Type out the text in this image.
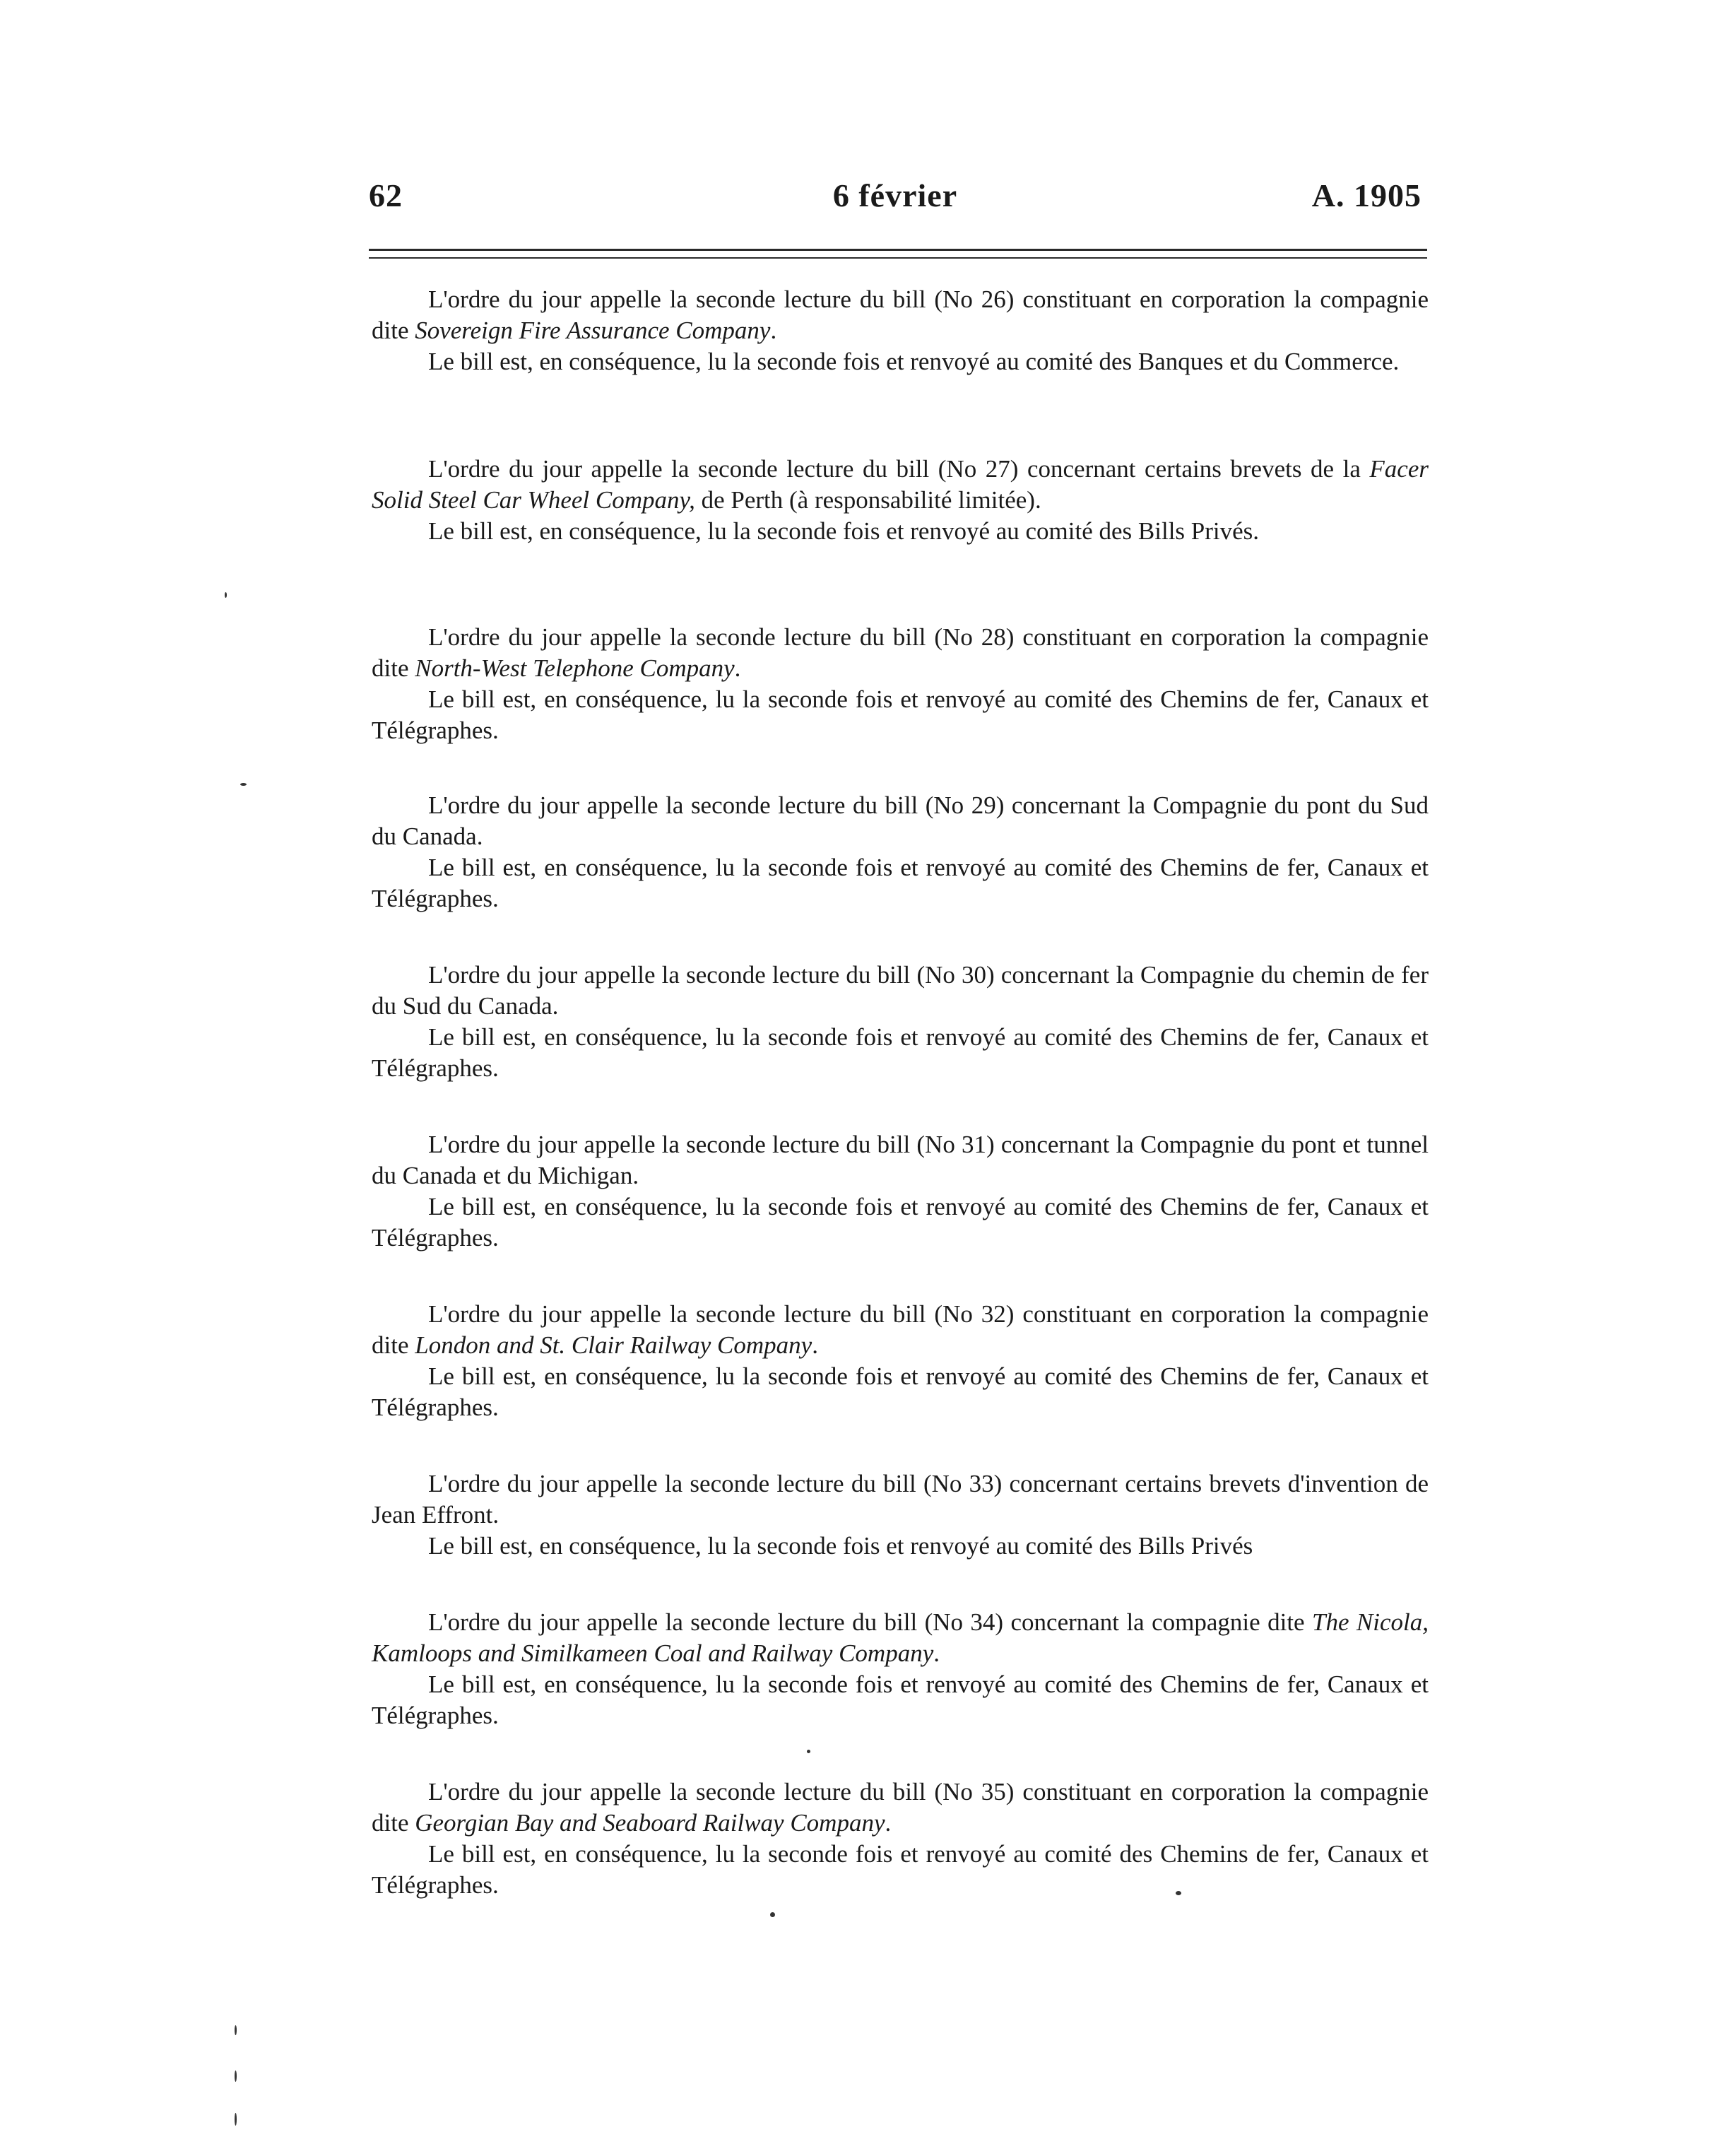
62	6 février	A. 1905

L'ordre du jour appelle la seconde lecture du bill (No 26) constituant en corporation la compagnie dite Sovereign Fire Assurance Company.

Le bill est, en conséquence, lu la seconde fois et renvoyé au comité des Banques et du Commerce.

L'ordre du jour appelle la seconde lecture du bill (No 27) concernant certains brevets de la Facer Solid Steel Car Wheel Company, de Perth (à responsabilité limitée).

Le bill est, en conséquence, lu la seconde fois et renvoyé au comité des Bills Privés.

L'ordre du jour appelle la seconde lecture du bill (No 28) constituant en corporation la compagnie dite North-West Telephone Company.

Le bill est, en conséquence, lu la seconde fois et renvoyé au comité des Chemins de fer, Canaux et Télégraphes.

L'ordre du jour appelle la seconde lecture du bill (No 29) concernant la Compagnie du pont du Sud du Canada.

Le bill est, en conséquence, lu la seconde fois et renvoyé au comité des Chemins de fer, Canaux et Télégraphes.

L'ordre du jour appelle la seconde lecture du bill (No 30) concernant la Compagnie du chemin de fer du Sud du Canada.

Le bill est, en conséquence, lu la seconde fois et renvoyé au comité des Chemins de fer, Canaux et Télégraphes.

L'ordre du jour appelle la seconde lecture du bill (No 31) concernant la Compagnie du pont et tunnel du Canada et du Michigan.

Le bill est, en conséquence, lu la seconde fois et renvoyé au comité des Chemins de fer, Canaux et Télégraphes.

L'ordre du jour appelle la seconde lecture du bill (No 32) constituant en corporation la compagnie dite London and St. Clair Railway Company.

Le bill est, en conséquence, lu la seconde fois et renvoyé au comité des Chemins de fer, Canaux et Télégraphes.

L'ordre du jour appelle la seconde lecture du bill (No 33) concernant certains brevets d'invention de Jean Effront.

Le bill est, en conséquence, lu la seconde fois et renvoyé au comité des Bills Privés

L'ordre du jour appelle la seconde lecture du bill (No 34) concernant la compagnie dite The Nicola, Kamloops and Similkameen Coal and Railway Company.

Le bill est, en conséquence, lu la seconde fois et renvoyé au comité des Chemins de fer, Canaux et Télégraphes.

L'ordre du jour appelle la seconde lecture du bill (No 35) constituant en corporation la compagnie dite Georgian Bay and Seaboard Railway Company.

Le bill est, en conséquence, lu la seconde fois et renvoyé au comité des Chemins de fer, Canaux et Télégraphes.
